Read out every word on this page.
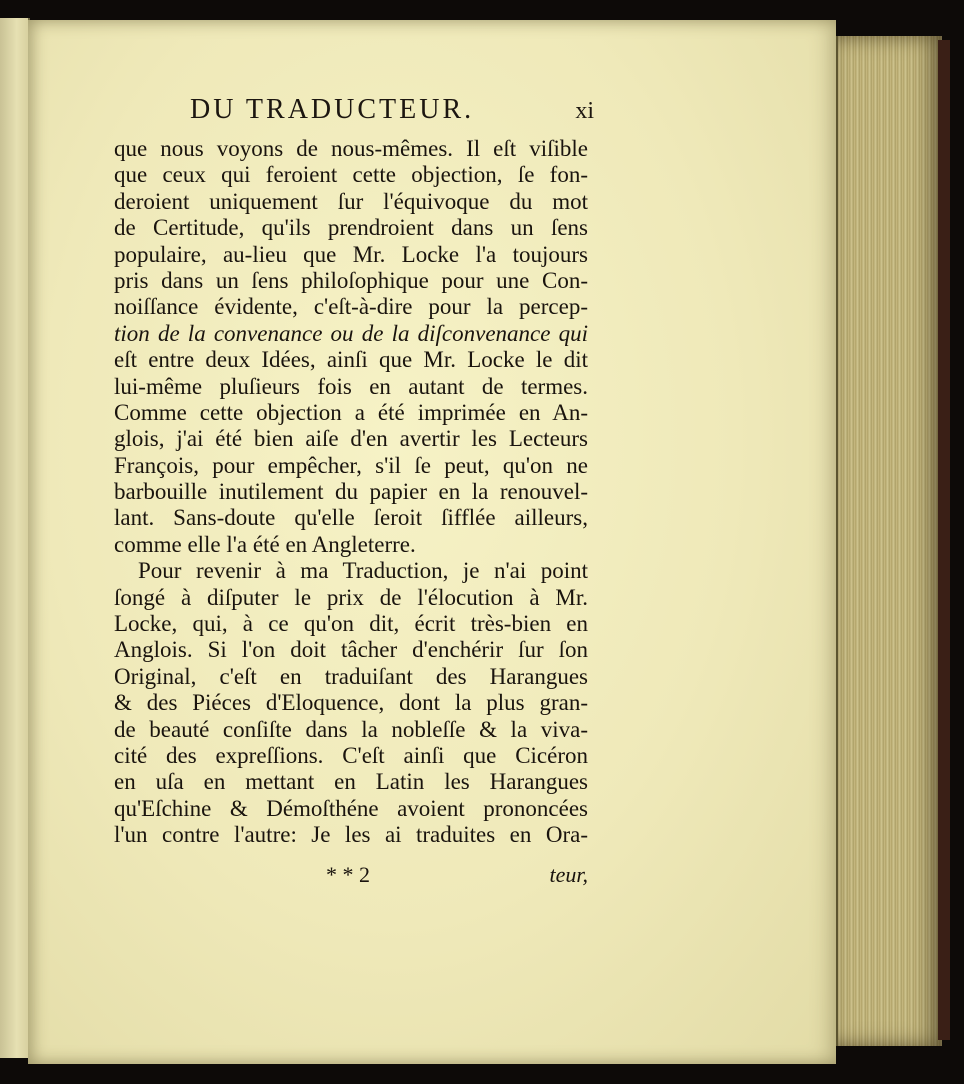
DU TRADUCTEUR.	xi
que nous voyons de nous-mêmes. Il eſt viſible
que ceux qui feroient cette objection, ſe fon-
deroient uniquement ſur l'équivoque du mot
de Certitude, qu'ils prendroient dans un ſens
populaire, au-lieu que Mr. Locke l'a toujours
pris dans un ſens philoſophique pour une Con-
noiſſance évidente, c'eſt-à-dire pour la percep-
tion de la convenance ou de la diſconvenance qui
eſt entre deux Idées, ainſi que Mr. Locke le dit
lui-même pluſieurs fois en autant de termes.
Comme cette objection a été imprimée en An-
glois, j'ai été bien aiſe d'en avertir les Lecteurs
François, pour empêcher, s'il ſe peut, qu'on ne
barbouille inutilement du papier en la renouvel-
lant. Sans-doute qu'elle ſeroit ſifflée ailleurs,
comme elle l'a été en Angleterre.
Pour revenir à ma Traduction, je n'ai point
ſongé à diſputer le prix de l'élocution à Mr.
Locke, qui, à ce qu'on dit, écrit très-bien en
Anglois. Si l'on doit tâcher d'enchérir ſur ſon
Original, c'eſt en traduiſant des Harangues
& des Piéces d'Eloquence, dont la plus gran-
de beauté conſiſte dans la nobleſſe & la viva-
cité des expreſſions. C'eſt ainſi que Cicéron
en uſa en mettant en Latin les Harangues
qu'Eſchine & Démoſthéne avoient prononcées
l'un contre l'autre: Je les ai traduites en Ora-
* * 2	teur,
